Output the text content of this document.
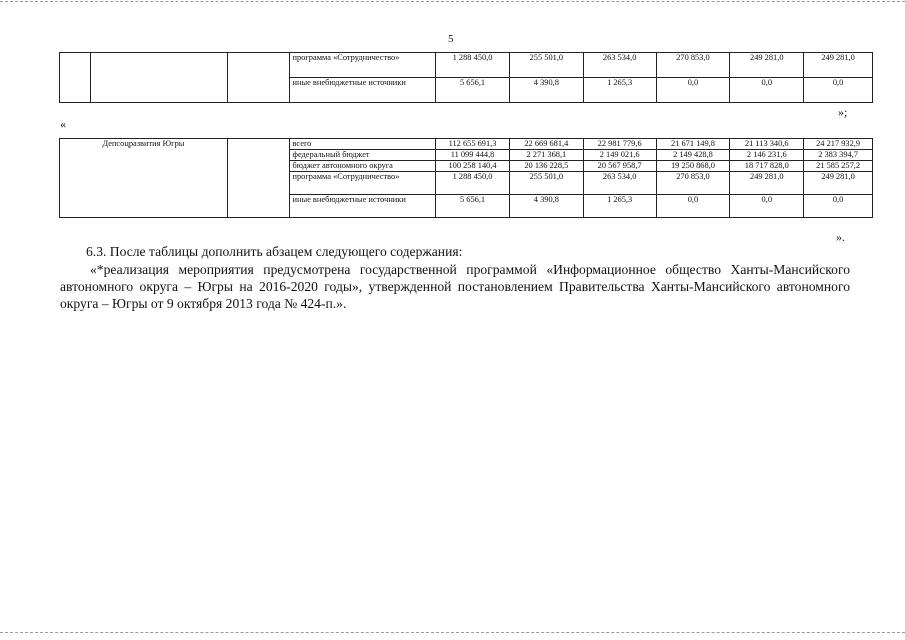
5
			программа «Сотрудничество»	1 288 450,0	255 501,0	263 534,0	270 853,0	249 281,0	249 281,0
			иные внебюджетные источники	5 656,1	4 390,8	1 265,3	0,0	0,0	0,0
»;
«
Депсоцразвития Югры		всего	112 655 691,3	22 669 681,4	22 981 779,6	21 671 149,8	21 113 340,6	24 217 932,9
		федеральный бюджет	11 099 444,8	2 271 368,1	2 149 021,6	2 149 428,8	2 146 231,6	2 383 394,7
		бюджет автономного округа	100 258 140,4	20 136 228,5	20 567 958,7	19 250 868,0	18 717 828,0	21 585 257,2
		программа «Сотрудничество»	1 288 450,0	255 501,0	263 534,0	270 853,0	249 281,0	249 281,0
		иные внебюджетные источники	5 656,1	4 390,8	1 265,3	0,0	0,0	0,0
».
6.3. После таблицы дополнить абзацем следующего содержания:
«*реализация мероприятия предусмотрена государственной программой «Информационное общество Ханты-Мансийского автономного округа – Югры на 2016-2020 годы», утвержденной постановлением Правительства Ханты-Мансийского автономного округа – Югры от 9 октября 2013 года № 424-п.».
